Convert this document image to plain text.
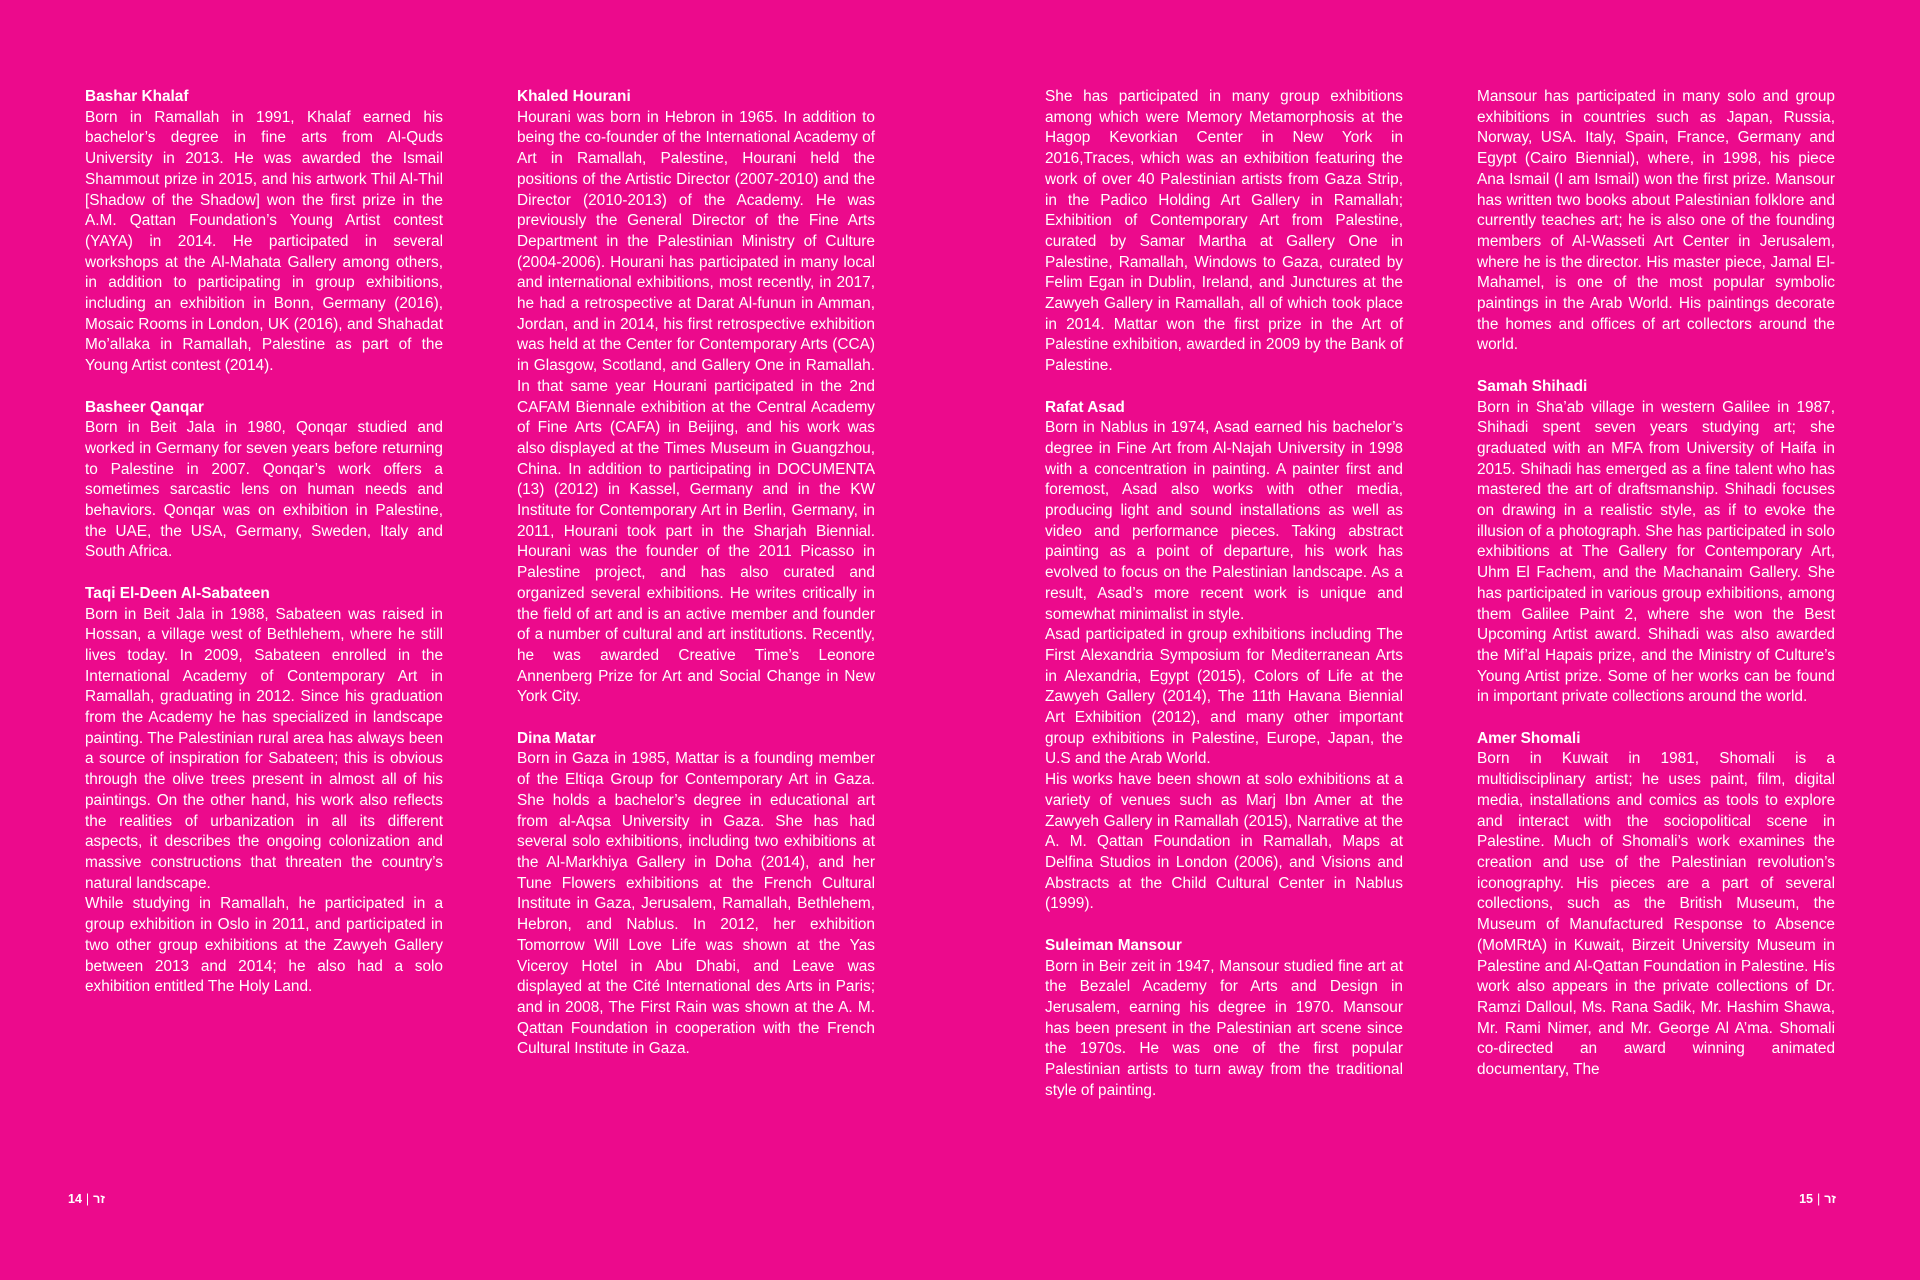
Bashar Khalaf

Born in Ramallah in 1991, Khalaf earned his bachelor’s degree in fine arts from Al-Quds University in 2013. He was awarded the Ismail Shammout prize in 2015, and his artwork Thil Al-Thil [Shadow of the Shadow] won the first prize in the A.M. Qattan Foundation’s Young Artist contest (YAYA) in 2014. He participated in several workshops at the Al-Mahata Gallery among others, in addition to participating in group exhibitions, including an exhibition in Bonn, Germany (2016), Mosaic Rooms in London, UK (2016), and Shahadat Mo’allaka in Ramallah, Palestine as part of the Young Artist contest (2014).

Basheer Qanqar

Born in Beit Jala in 1980, Qonqar studied and worked in Germany for seven years before returning to Palestine in 2007. Qonqar’s work offers a sometimes sarcastic lens on human needs and behaviors. Qonqar was on exhibition in Palestine, the UAE, the USA, Germany, Sweden, Italy and South Africa.

Taqi El-Deen Al-Sabateen

Born in Beit Jala in 1988, Sabateen was raised in Hossan, a village west of Bethlehem, where he still lives today. In 2009, Sabateen enrolled in the International Academy of Contemporary Art in Ramallah, graduating in 2012. Since his graduation from the Academy he has specialized in landscape painting. The Palestinian rural area has always been a source of inspiration for Sabateen; this is obvious through the olive trees present in almost all of his paintings. On the other hand, his work also reflects the realities of urbanization in all its different aspects, it describes the ongoing colonization and massive constructions that threaten the country’s natural landscape.

While studying in Ramallah, he participated in a group exhibition in Oslo in 2011, and participated in two other group exhibitions at the Zawyeh Gallery between 2013 and 2014; he also had a solo exhibition entitled The Holy Land.

Khaled Hourani

Hourani was born in Hebron in 1965. In addition to being the co-founder of the International Academy of Art in Ramallah, Palestine, Hourani held the positions of the Artistic Director (2007-2010) and the Director (2010-2013) of the Academy. He was previously the General Director of the Fine Arts Department in the Palestinian Ministry of Culture (2004-2006). Hourani has participated in many local and international exhibitions, most recently, in 2017, he had a retrospective at Darat Al-funun in Amman, Jordan, and in 2014, his first retrospective exhibition was held at the Center for Contemporary Arts (CCA) in Glasgow, Scotland, and Gallery One in Ramallah. In that same year Hourani participated in the 2nd CAFAM Biennale exhibition at the Central Academy of Fine Arts (CAFA) in Beijing, and his work was also displayed at the Times Museum in Guangzhou, China. In addition to participating in DOCUMENTA (13) (2012) in Kassel, Germany and in the KW Institute for Contemporary Art in Berlin, Germany, in 2011, Hourani took part in the Sharjah Biennial. Hourani was the founder of the 2011 Picasso in Palestine project, and has also curated and organized several exhibitions. He writes critically in the field of art and is an active member and founder of a number of cultural and art institutions. Recently, he was awarded Creative Time’s Leonore Annenberg Prize for Art and Social Change in New York City.

Dina Matar

Born in Gaza in 1985, Mattar is a founding member of the Eltiqa Group for Contemporary Art in Gaza. She holds a bachelor’s degree in educational art from al-Aqsa University in Gaza. She has had several solo exhibitions, including two exhibitions at the Al-Markhiya Gallery in Doha (2014), and her Tune Flowers exhibitions at the French Cultural Institute in Gaza, Jerusalem, Ramallah, Bethlehem, Hebron, and Nablus. In 2012, her exhibition Tomorrow Will Love Life was shown at the Yas Viceroy Hotel in Abu Dhabi, and Leave was displayed at the Cité International des Arts in Paris; and in 2008, The First Rain was shown at the A. M. Qattan Foundation in cooperation with the French Cultural Institute in Gaza.

She has participated in many group exhibitions among which were Memory Metamorphosis at the Hagop Kevorkian Center in New York in 2016,Traces, which was an exhibition featuring the work of over 40 Palestinian artists from Gaza Strip, in the Padico Holding Art Gallery in Ramallah; Exhibition of Contemporary Art from Palestine, curated by Samar Martha at Gallery One in Palestine, Ramallah, Windows to Gaza, curated by Felim Egan in Dublin, Ireland, and Junctures at the Zawyeh Gallery in Ramallah, all of which took place in 2014. Mattar won the first prize in the Art of Palestine exhibition, awarded in 2009 by the Bank of Palestine.

Rafat Asad

Born in Nablus in 1974, Asad earned his bachelor’s degree in Fine Art from Al-Najah University in 1998 with a concentration in painting. A painter first and foremost, Asad also works with other media, producing light and sound installations as well as video and performance pieces. Taking abstract painting as a point of departure, his work has evolved to focus on the Palestinian landscape. As a result, Asad’s more recent work is unique and somewhat minimalist in style.

Asad participated in group exhibitions including The First Alexandria Symposium for Mediterranean Arts in Alexandria, Egypt (2015), Colors of Life at the Zawyeh Gallery (2014), The 11th Havana Biennial Art Exhibition (2012), and many other important group exhibitions in Palestine, Europe, Japan, the U.S and the Arab World.

His works have been shown at solo exhibitions at a variety of venues such as Marj Ibn Amer at the Zawyeh Gallery in Ramallah (2015), Narrative at the A. M. Qattan Foundation in Ramallah, Maps at Delfina Studios in London (2006), and Visions and Abstracts at the Child Cultural Center in Nablus (1999).

Suleiman Mansour

Born in Beir zeit in 1947, Mansour studied fine art at the Bezalel Academy for Arts and Design in Jerusalem, earning his degree in 1970. Mansour has been present in the Palestinian art scene since the 1970s. He was one of the first popular Palestinian artists to turn away from the traditional style of painting.

Mansour has participated in many solo and group exhibitions in countries such as Japan, Russia, Norway, USA. Italy, Spain, France, Germany and Egypt (Cairo Biennial), where, in 1998, his piece Ana Ismail (I am Ismail) won the first prize. Mansour has written two books about Palestinian folklore and currently teaches art; he is also one of the founding members of Al-Wasseti Art Center in Jerusalem, where he is the director. His master piece, Jamal El-Mahamel, is one of the most popular symbolic paintings in the Arab World. His paintings decorate the homes and offices of art collectors around the world.

Samah Shihadi

Born in Sha’ab village in western Galilee in 1987, Shihadi spent seven years studying art; she graduated with an MFA from University of Haifa in 2015. Shihadi has emerged as a fine talent who has mastered the art of draftsmanship. Shihadi focuses on drawing in a realistic style, as if to evoke the illusion of a photograph. She has participated in solo exhibitions at The Gallery for Contemporary Art, Uhm El Fachem, and the Machanaim Gallery. She has participated in various group exhibitions, among them Galilee Paint 2, where she won the Best Upcoming Artist award. Shihadi was also awarded the Mif’al Hapais prize, and the Ministry of Culture’s Young Artist prize. Some of her works can be found in important private collections around the world.

Amer Shomali

Born in Kuwait in 1981, Shomali is a multidisciplinary artist; he uses paint, film, digital media, installations and comics as tools to explore and interact with the sociopolitical scene in Palestine. Much of Shomali’s work examines the creation and use of the Palestinian revolution’s iconography. His pieces are a part of several collections, such as the British Museum, the Museum of Manufactured Response to Absence (MoMRtA) in Kuwait, Birzeit University Museum in Palestine and Al-Qattan Foundation in Palestine. His work also appears in the private collections of Dr. Ramzi Dalloul, Ms. Rana Sadik, Mr. Hashim Shawa, Mr. Rami Nimer, and Mr. George Al A’ma. Shomali co-directed an award winning animated documentary, The

זר|14	15 | זר
